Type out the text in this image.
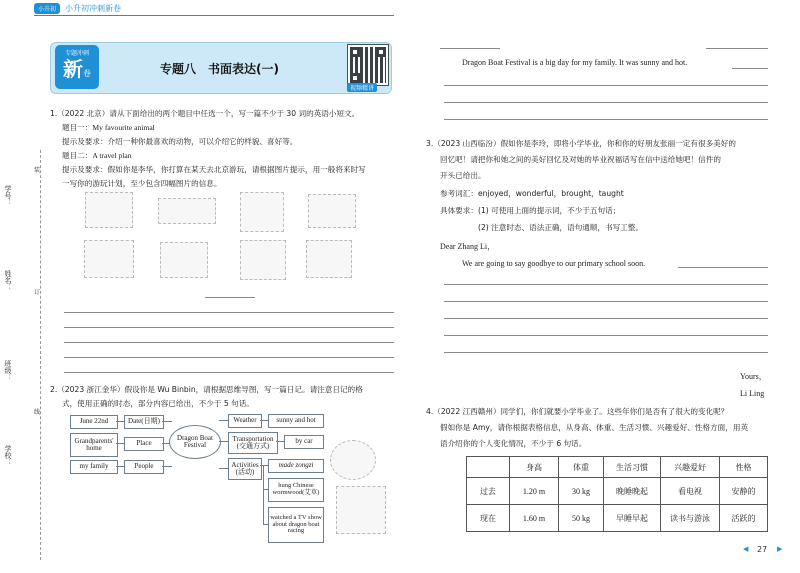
小升初 小升初冲刺新卷
专题冲刺
新卷	专题八　书面表达(一)
视频精讲
学号：
姓名：
班级：
学校：
装
订
线
1.（2022 北京）请从下面给出的两个题目中任选一个，写一篇不少于 30 词的英语小短文。
题目一：My favourite animal
提示及要求：介绍一种你最喜欢的动物，可以介绍它的样貌、喜好等。
题目二：A travel plan
提示及要求：假如你是李华，你打算在某天去北京游玩，请根据图片提示，用一般将来时写
一写你的游玩计划，至少包含四幅图片的信息。
2.（2023 浙江金华）假设你是 Wu Binbin，请根据思维导图，写一篇日记。请注意日记的格
式，使用正确的时态，部分内容已给出，不少于 5 句话。
June 22nd	Date(日期)
Grandparents' home
Place
my family	People
Dragon Boat Festival
Weather	sunny and hot
Transportation (交通方式)
by car
Activities (活动)
made zongzi
hung Chinese wormwood(艾草)
watched a TV show about dragon boat racing
Dragon Boat Festival is a big day for my family. It was sunny and hot.
3.（2023 山西临汾）假如你是李玲，即将小学毕业，你和你的好朋友张丽一定有很多美好的
回忆吧！请把你和她之间的美好回忆及对她的毕业祝福话写在信中送给她吧！信件的
开头已给出。
参考词汇：enjoyed，wonderful，brought，taught
具体要求： (1) 可使用上面的提示词，不少于五句话；
(2) 注意时态、语法正确，语句通顺，书写工整。
Dear Zhang Li，
We are going to say goodbye to our primary school soon.
Yours，
Li Ling
4.（2022 江西赣州）同学们，你们就要小学毕业了。这些年你们是否有了很大的变化呢？
假如你是 Amy，请你根据表格信息，从身高、体重、生活习惯、兴趣爱好、性格方面，用英
语介绍你的个人变化情况，不少于 6 句话。
	身高	体重	生活习惯	兴趣爱好	性格
过去	1.20 m	30 kg	晚睡晚起	看电视	安静的
现在	1.60 m	50 kg	早睡早起	读书与游泳	活跃的
◀ 27 ▶
